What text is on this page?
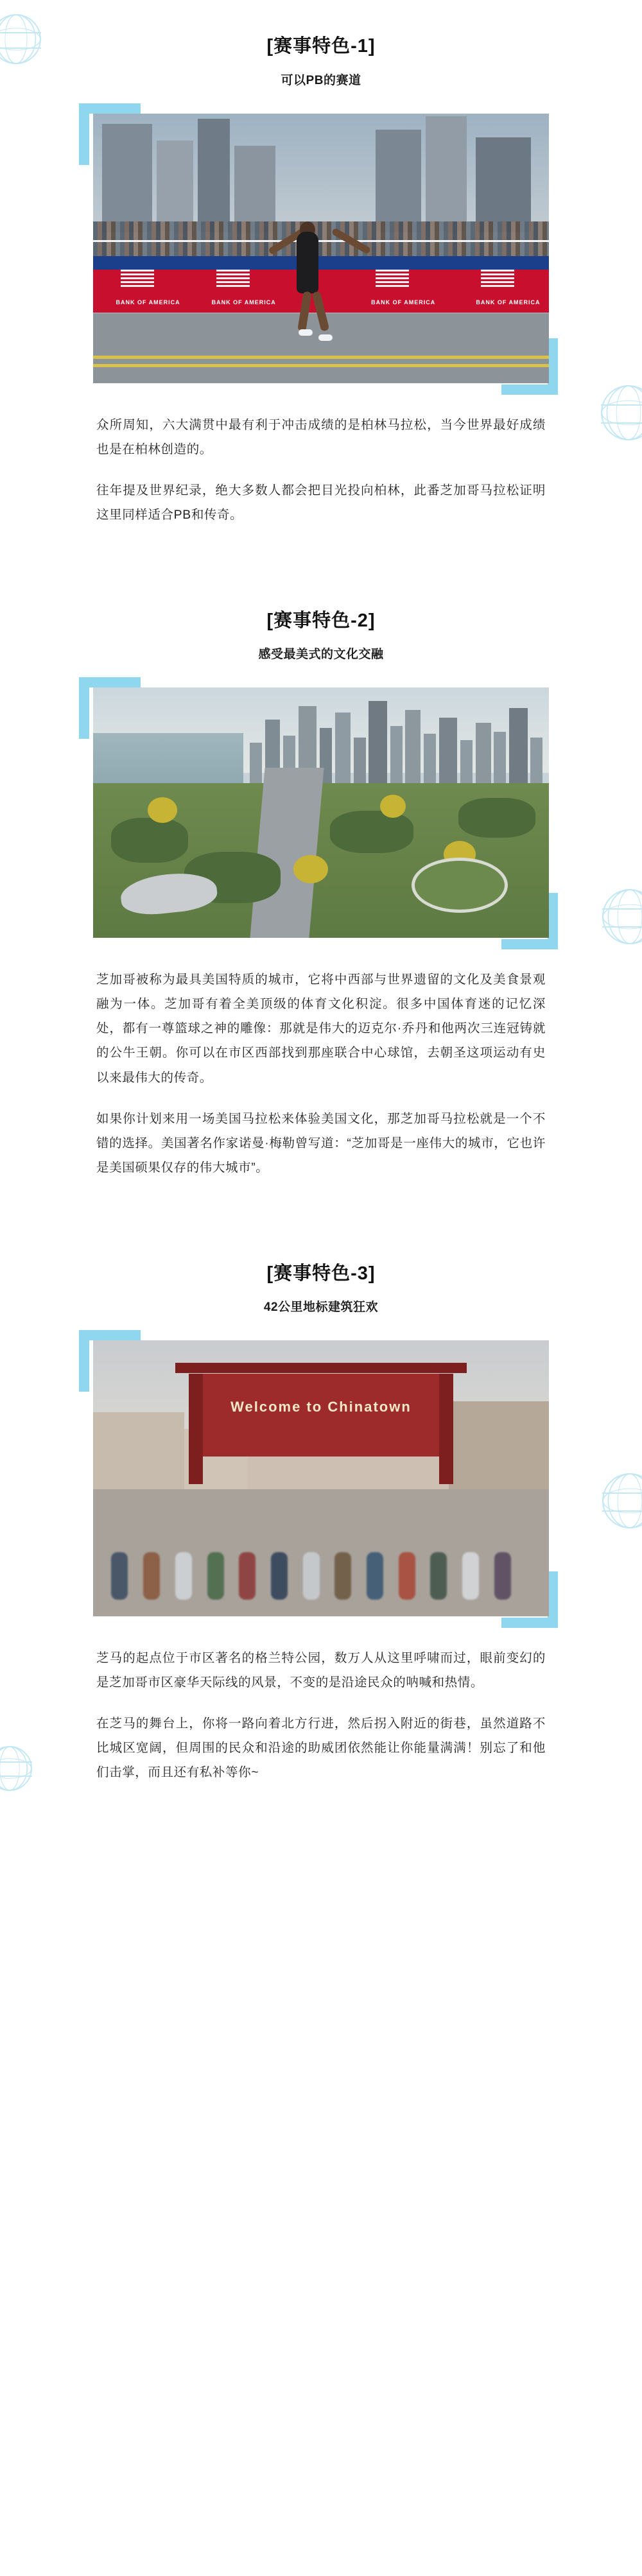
[赛事特色-1]
可以PB的赛道
BANK OF AMERICA	BANK OF AMERICA	BANK OF AMERICA	BANK OF AMERICA

众所周知，六大满贯中最有利于冲击成绩的是柏林马拉松，当今世界最好成绩也是在柏林创造的。

往年提及世界纪录，绝大多数人都会把目光投向柏林，此番芝加哥马拉松证明这里同样适合PB和传奇。

[赛事特色-2]
感受最美式的文化交融

芝加哥被称为最具美国特质的城市，它将中西部与世界遗留的文化及美食景观融为一体。芝加哥有着全美顶级的体育文化积淀。很多中国体育迷的记忆深处，都有一尊篮球之神的雕像：那就是伟大的迈克尔·乔丹和他两次三连冠铸就的公牛王朝。你可以在市区西部找到那座联合中心球馆，去朝圣这项运动有史以来最伟大的传奇。

如果你计划来用一场美国马拉松来体验美国文化，那芝加哥马拉松就是一个不错的选择。美国著名作家诺曼·梅勒曾写道：“芝加哥是一座伟大的城市，它也许是美国硕果仅存的伟大城市”。

[赛事特色-3]
42公里地标建筑狂欢
Welcome to Chinatown

芝马的起点位于市区著名的格兰特公园，数万人从这里呼啸而过，眼前变幻的是芝加哥市区豪华天际线的风景，不变的是沿途民众的呐喊和热情。

在芝马的舞台上，你将一路向着北方行进，然后拐入附近的街巷，虽然道路不比城区宽阔，但周围的民众和沿途的助威团依然能让你能量满满！别忘了和他们击掌，而且还有私补等你~
